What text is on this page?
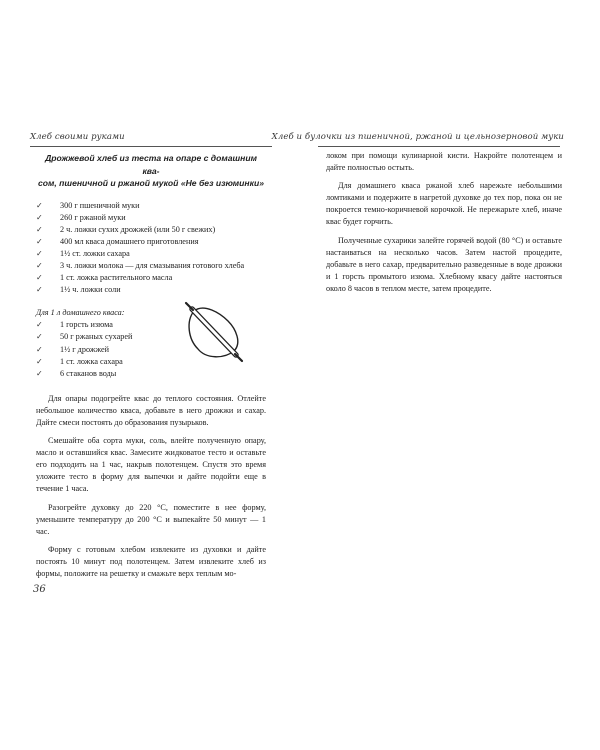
Хлеб своими руками
Дрожжевой хлеб из теста на опаре с домашним ква-
сом, пшеничной и ржаной мукой «Не без изюминки»
✓ 300 г пшеничной муки
✓ 260 г ржаной муки
✓ 2 ч. ложки сухих дрожжей (или 50 г свежих)
✓ 400 мл кваса домашнего приготовления
✓ 1½ ст. ложки сахара
✓ 3 ч. ложки молока — для смазывания готового хлеба
✓ 1 ст. ложка растительного масла
✓ 1½ ч. ложки соли
Для 1 л домашнего кваса:
✓ 1 горсть изюма
✓ 50 г ржаных сухарей
✓ 1½ г дрожжей
✓ 1 ст. ложка сахара
✓ 6 стаканов воды

Для опары подогрейте квас до теплого состояния. Отлейте небольшое количество кваса, добавьте в него дрожжи и сахар. Дайте смеси постоять до образования пузырьков.

Смешайте оба сорта муки, соль, влейте полученную опару, масло и оставшийся квас. Замесите жидковатое тесто и оставьте его подходить на 1 час, накрыв полотенцем. Спустя это время уложите тесто в форму для выпечки и дайте подойти еще в течение 1 часа.

Разогрейте духовку до 220 °С, поместите в нее форму, уменьшите температуру до 200 °С и выпекайте 50 минут — 1 час.

Форму с готовым хлебом извлеките из духовки и дайте постоять 10 минут под полотенцем. Затем извлеките хлеб из формы, положите на решетку и смажьте верх теплым мо-

36
Хлеб и булочки из пшеничной, ржаной и цельнозерновой муки

локом при помощи кулинарной кисти. Накройте полотенцем и дайте полностью остыть.

Для домашнего кваса ржаной хлеб нарежьте небольшими ломтиками и подержите в нагретой духовке до тех пор, пока он не покроется темно-коричневой корочкой. Не пережарьте хлеб, иначе квас будет горчить.

Полученные сухарики залейте горячей водой (80 °С) и оставьте настаиваться на несколько часов. Затем настой процедите, добавьте в него сахар, предварительно разведенные в воде дрожжи и 1 горсть промытого изюма. Хлебному квасу дайте настояться около 8 часов в теплом месте, затем процедите.
